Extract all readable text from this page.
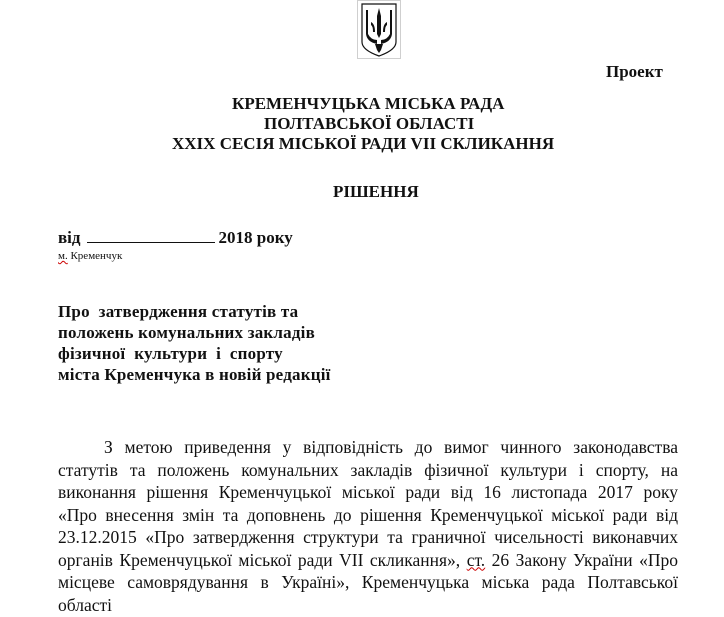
Проект
КРЕМЕНЧУЦЬКА МІСЬКА РАДА
ПОЛТАВСЬКОЇ ОБЛАСТІ
XXIX СЕСІЯ МІСЬКОЇ РАДИ VII СКЛИКАННЯ
РІШЕННЯ
від	2018 року
м. Кременчук
Про  затвердження статутів та
положень комунальних закладів
фізичної  культури  і  спорту
міста Кременчука в новій редакції
З метою приведення у відповідність до вимог чинного законодавства
статутів та положень комунальних закладів фізичної культури і спорту, на
виконання рішення Кременчуцької міської ради від 16 листопада 2017 року
«Про внесення змін та доповнень до рішення Кременчуцької міської ради від
23.12.2015 «Про затвердження структури та граничної чисельності виконавчих
органів Кременчуцької міської ради VII скликання», ст. 26 Закону України «Про
місцеве самоврядування в Україні», Кременчуцька міська рада Полтавської
області
